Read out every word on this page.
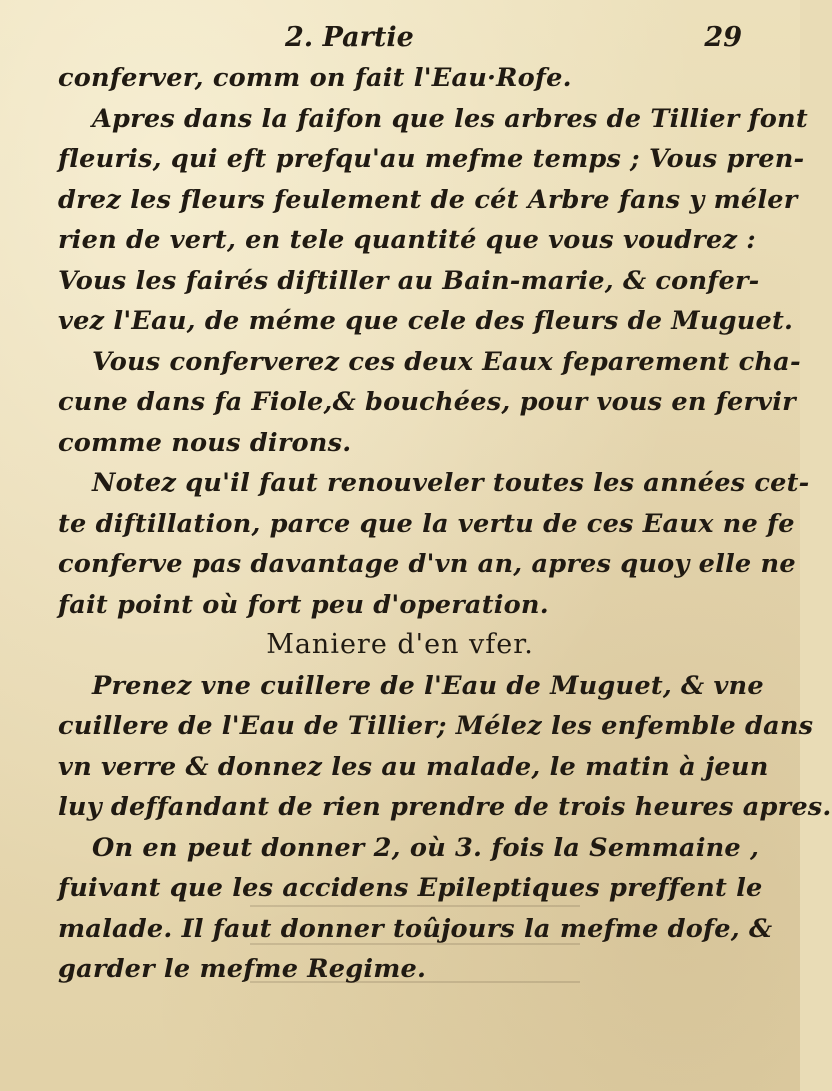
2. Partie	29
conferver, comm on fait l'Eau·Rofe.
Apres dans la faifon que les arbres de Tillier font
fleuris, qui eft prefqu'au mefme temps ; Vous pren-
drez les fleurs feulement de cét Arbre fans y méler
rien de vert, en tele quantité que vous voudrez :
Vous les fairés diftiller au Bain-marie, & confer-
vez l'Eau, de méme que cele des fleurs de Muguet.
Vous conferverez ces deux Eaux feparement cha-
cune dans fa Fiole,& bouchées, pour vous en fervir
comme nous dirons.
Notez qu'il faut renouveler toutes les années cet-
te diftillation, parce que la vertu de ces Eaux ne fe
conferve pas davantage d'vn an, apres quoy elle ne
fait point où fort peu d'operation.
Maniere d'en vfer.
Prenez vne cuillere de l'Eau de Muguet, & vne
cuillere de l'Eau de Tillier; Mélez les enfemble dans
vn verre & donnez les au malade, le matin à jeun
luy deffandant de rien prendre de trois heures apres.
On en peut donner 2, où 3. fois la Semmaine ,
fuivant que les accidens Epileptiques preffent le
malade. Il faut donner toûjours la mefme dofe, &
garder le mefme Regime.
